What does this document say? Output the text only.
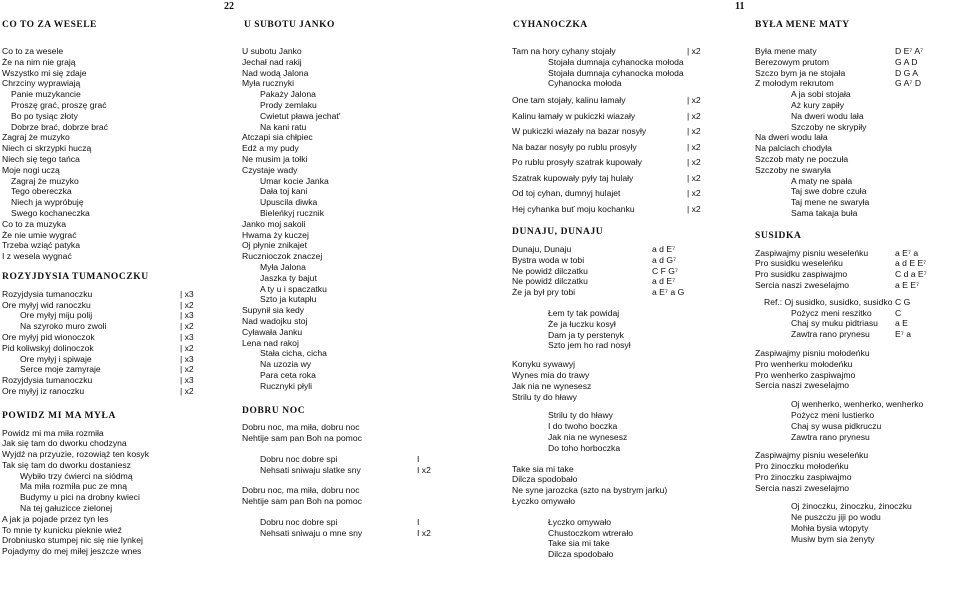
22	11
CO TO ZA WESELE	U SUBOTU JANKO	CYHANOCZKA	BYŁA MENE MATY
Co to za wesele
Że na nim nie grają
Wszystko mi się zdaje
Chrzciny wyprawiają
Panie muzykancie
Proszę grać, proszę grać
Bo po tysiąc złoty
Dobrze brać, dobrze brać
Zagraj że muzyko
Niech ci skrzypki huczą
Niech się tego tańca
Moje nogi uczą
Zagraj że muzyko
Tego obereczka
Niech ja wypróbuję
Swego kochaneczka
Co to za muzyka
Że nie umie wygrać
Trzeba wziąć patyka
I z wesela wygnać
ROZYJDYSIA TUMANOCZKU
Rozyjdysia tumanoczku	| x3
Ore myłyj wid ranoczku	| x2
Ore myłyj miju polij	| x3
Na szyroko muro zwoli	| x2
Ore myłyj pid wionoczok	| x3
Pid koliwskyj dolinoczok	| x2
Ore myłyj i spiwaje	| x3
Serce moje zamyraje	| x2
Rozyjdysia tumanoczku	| x3
Ore myłyj iz ranoczku	| x2
POWIDZ MI MA MYŁA
Powidz mi ma miła rozmiła
Jak się tam do dworku chodzyna
Wyjdź na przyuzie, rozowiąż ten kosyk
Tak się tam do dworku dostaniesz
Wybiło trzy ćwierci na siódmą
Ma miła rozmiła puc ze mną
Budymy u pici na drobny kwieci
Na tej gałuzicce zielonej
A jak ja pojade przez tyn les
To mnie ty kunicku pieknie wieź
Drobniusko stumpej nic się nie lynkej
Pojadymy do mej miłej jeszcze wnes
U subotu Janko
Jechał nad rakij
Nad wodą Jalona
Myła rucznyki
Pakaży Jalona
Prody zemlaku
Cwietut pława jechat'
Na kani ratu
Atczapi sia chłpiec
Edź a my pudy
Ne musim ja tołki
Czystaje wady
Umar kocie Janka
Dała toj kani
Upuscila diwka
Bieleńkyj rucznik
Janko moj sakoli
Hwama ży kuczej
Oj płynie znikajet
Rucznioczok znaczej
Myła Jalona
Jaszka ty bajut
A ty u i spaczatku
Szto ja kutapłu
Supynił sia kedy
Nad wadojku stoj
Cyławała Janku
Lena nad rakoj
Stała cicha, cicha
Na uzozia wy
Para ceta roka
Rucznyki płyli
DOBRU NOC
Dobru noc, ma miła, dobru noc
Nehtije sam pan Boh na pomoc
Dobru noc dobre spi	I
Nehsati sniwaju slatke sny	I x2
Dobru noc, ma miła, dobru noc
Nehtije sam pan Boh na pomoc
Dobru noc dobre spi	I
Nehsati sniwaju o mne sny	I x2
Tam na hory cyhany stojały	| x2
Stojała dumnaja cyhanocka mołoda
Stojała dumnaja cyhanocka mołoda
Cyhanocka mołoda
One tam stojały, kalinu łamały	| x2
Kalinu łamały w pukiczki wiazały	| x2
W pukiczki wiazały na bazar nosyły	| x2
Na bazar nosyły po rublu prosyły	| x2
Po rublu prosyły szatrak kupowały	| x2
Szatrak kupowały pyły taj hulały	| x2
Od toj cyhan, dumnyj hulajet	| x2
Hej cyhanka buť moju kochanku	| x2
DUNAJU, DUNAJU
Dunaju, Dunaju	a d E⁷
Bystra woda w tobi	a d G⁷
Ne powidź dilczatku	C F G⁷
Ne powidź dilczatku	a d E⁷
Że ja był pry tobi	a E⁷ a G
Łem ty tak powidaj
Że ja łuczku kosył
Dam ja ty perstenyk
Szto jem ho rad nosył
Konyku sywawyj
Wynes mia do trawy
Jak nia ne wynesesz
Strilu ty do hławy
Strilu ty do hławy
I do twoho boczka
Jak nia ne wynesesz
Do toho horboczka
Take sia mi take
Dilcza spodobało
Ne syne jarozcka (szto na bystrym jarku)
Łyczko omywało
Łyczko omywało
Chustoczkom wtrerało
Take sia mi take
Dilcza spodobało
Była mene maty	D E⁷ A⁷
Berezowym prutom	G A D
Szczo bym ja ne stojała	D G A
Z mołodym rekrutom	G A⁷ D
A ja sobi stojała
Aż kury zapiły
Na dweri wodu lała
Szczoby ne skrypiły
Na dweri wodu lała
Na palciach chodyła
Szczob maty ne poczuła
Szczoby ne swaryła
A maty ne spała
Taj swe dobre czuła
Taj mene ne swaryła
Sama takaja buła
SUSIDKA
Zaspiwajmy pisniu weseleńku	a E⁷ a
Pro susidku weseleńku	a d E E⁷
Pro susidku zaspiwajmo	C d a E⁷
Sercia naszi zweselajmo	a E E⁷
Ref.: Oj susidko, susidko, susidko C G
Pożycz meni reszitko	C
Chaj sy muku pidtriasu a E
Zawtra rano prynesu	E⁷ a
Zaspiwajmy pisniu mołodeńku
Pro wenherku mołodeńku
Pro wenherko zaspiwajmo
Sercia naszi zweselajmo
Oj wenherko, wenherko, wenherko
Pożycz meni lustierko
Chaj sy wusa pidkruczu
Zawtra rano prynesu
Zaspiwajmy pisniu weseleńku
Pro żinoczku mołodeńku
Pro żinoczku zaspiwajmo
Sercia naszi zweselajmo
Oj żinoczku, żinoczku, żinoczku
Ne puszczu jiji po wodu
Mohła bysia wtopyty
Musiw bym sia żenyty
